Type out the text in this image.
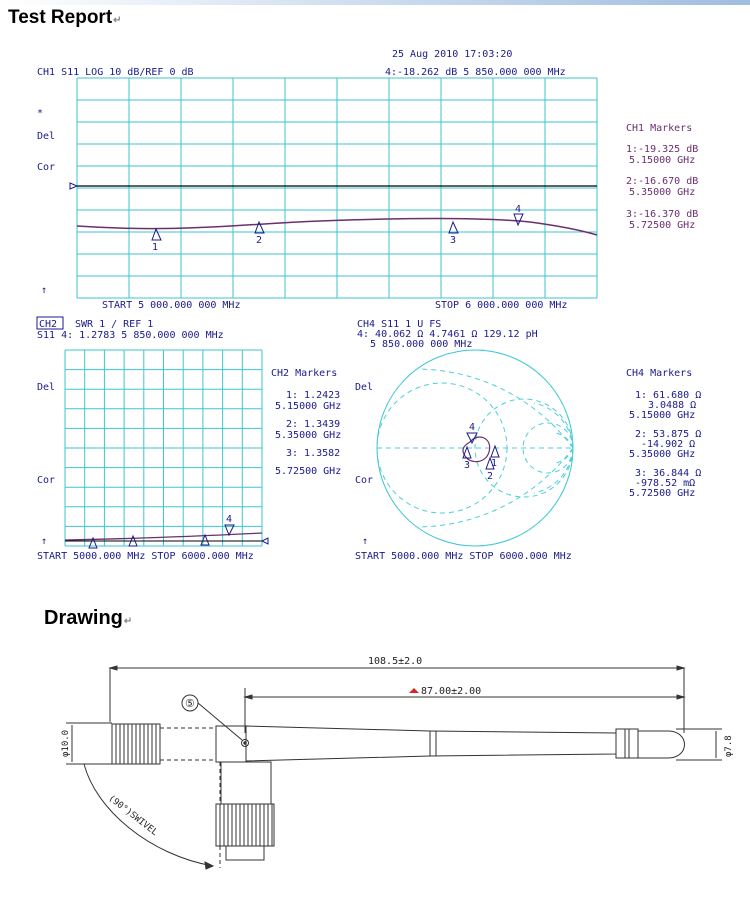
Test Report↵
Drawing↵
25 Aug 2010 17:03:20
CH1 S11 LOG 10 dB/REF 0 dB	4:-18.262 dB 5 850.000 000 MHz
*
Del
Cor
↑
1
2	3
4
START 5 000.000 000 MHz	STOP 6 000.000 000 MHz
CH1 Markers
1:-19.325 dB
5.15000 GHz
2:-16.670 dB
5.35000 GHz
3:-16.370 dB
5.72500 GHz
CH2 SWR 1 / REF 1
S11 4: 1.2783 5 850.000 000 MHz
Del
Cor
↑
4
START 5000.000 MHz STOP 6000.000 MHz
CH2 Markers
1: 1.2423
5.15000 GHz
2: 1.3439
5.35000 GHz
3: 1.3582
5.72500 GHz
CH4 S11 1 U FS
4: 40.062 Ω 4.7461 Ω 129.12 pH
5 850.000 000 MHz
4
3 1
2
Del
Cor
↑
START 5000.000 MHz STOP 6000.000 MHz
CH4 Markers
1: 61.680 Ω
3.0488 Ω
5.15000 GHz
2: 53.875 Ω
-14.902 Ω
5.35000 GHz
3: 36.844 Ω
-978.52 mΩ
5.72500 GHz
108.5±2.0
87.00±2.00
φ10.0
⑤
φ7.8
(90°)SWIVEL
